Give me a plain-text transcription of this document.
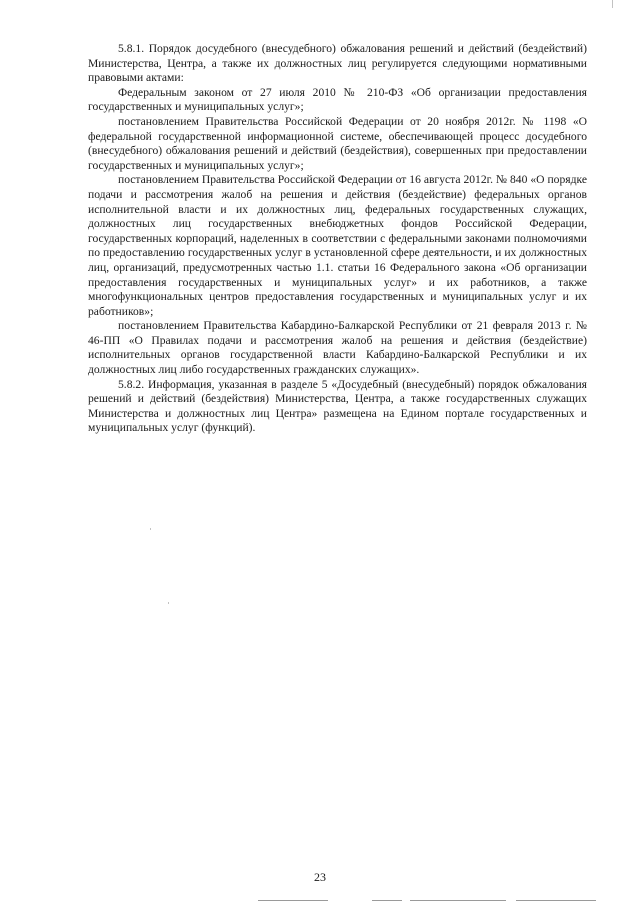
5.8.1. Порядок досудебного (внесудебного) обжалования решений и действий (бездействий) Министерства, Центра, а также их должностных лиц регулируется следующими нормативными правовыми актами:

Федеральным законом от 27 июля 2010 № 210-ФЗ «Об организации предоставления государственных и муниципальных услуг»;

постановлением Правительства Российской Федерации от 20 ноября 2012г. № 1198 «О федеральной государственной информационной системе, обеспечивающей процесс досудебного (внесудебного) обжалования решений и действий (бездействия), совершенных при предоставлении государственных и муниципальных услуг»;

постановлением Правительства Российской Федерации от 16 августа 2012г. № 840 «О порядке подачи и рассмотрения жалоб на решения и действия (бездействие) федеральных органов исполнительной власти и их должностных лиц, федеральных государственных служащих, должностных лиц государственных внебюджетных фондов Российской Федерации, государственных корпораций, наделенных в соответствии с федеральными законами полномочиями по предоставлению государственных услуг в установленной сфере деятельности, и их должностных лиц, организаций, предусмотренных частью 1.1. статьи 16 Федерального закона «Об организации предоставления государственных и муниципальных услуг» и их работников, а также многофункциональных центров предоставления государственных и муниципальных услуг и их работников»;

постановлением Правительства Кабардино-Балкарской Республики от 21 февраля 2013 г. № 46-ПП «О Правилах подачи и рассмотрения жалоб на решения и действия (бездействие) исполнительных органов государственной власти Кабардино-Балкарской Республики и их должностных лиц либо государственных гражданских служащих».

5.8.2. Информация, указанная в разделе 5 «Досудебный (внесудебный) порядок обжалования решений и действий (бездействия) Министерства, Центра, а также государственных служащих Министерства и должностных лиц Центра» размещена на Едином портале государственных и муниципальных услуг (функций).

23
